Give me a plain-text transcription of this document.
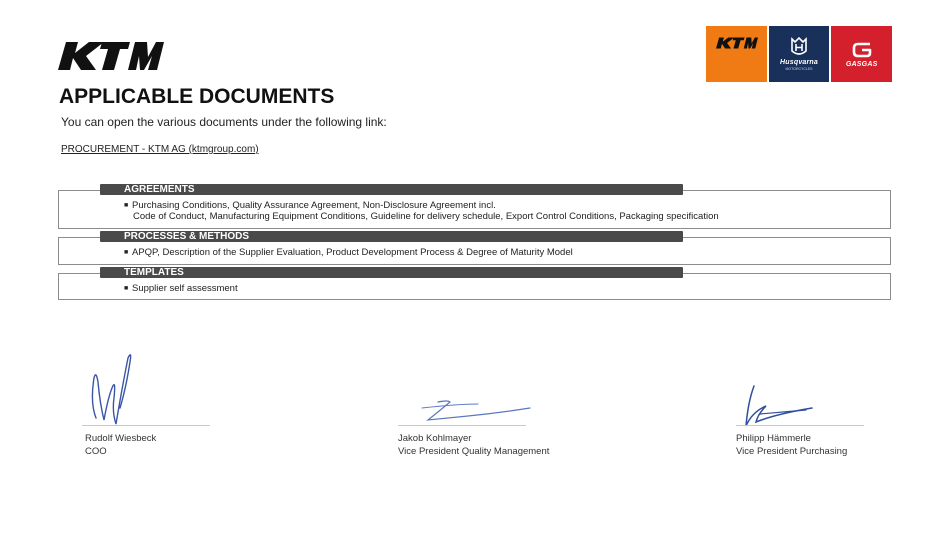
Husqvarna
MOTORCYCLES
GASGAS
APPLICABLE DOCUMENTS
You can open the various documents under the following link:
PROCUREMENT - KTM AG (ktmgroup.com)
AGREEMENTS
■ Purchasing Conditions, Quality Assurance Agreement, Non-Disclosure Agreement incl.
Code of Conduct, Manufacturing Equipment Conditions, Guideline for delivery schedule, Export Control Conditions, Packaging specification
PROCESSES & METHODS
■ APQP, Description of the Supplier Evaluation, Product Development Process & Degree of Maturity Model
TEMPLATES
■ Supplier self assessment
Rudolf Wiesbeck
COO
Jakob Kohlmayer
Vice President Quality Management
Philipp Hämmerle
Vice President Purchasing
